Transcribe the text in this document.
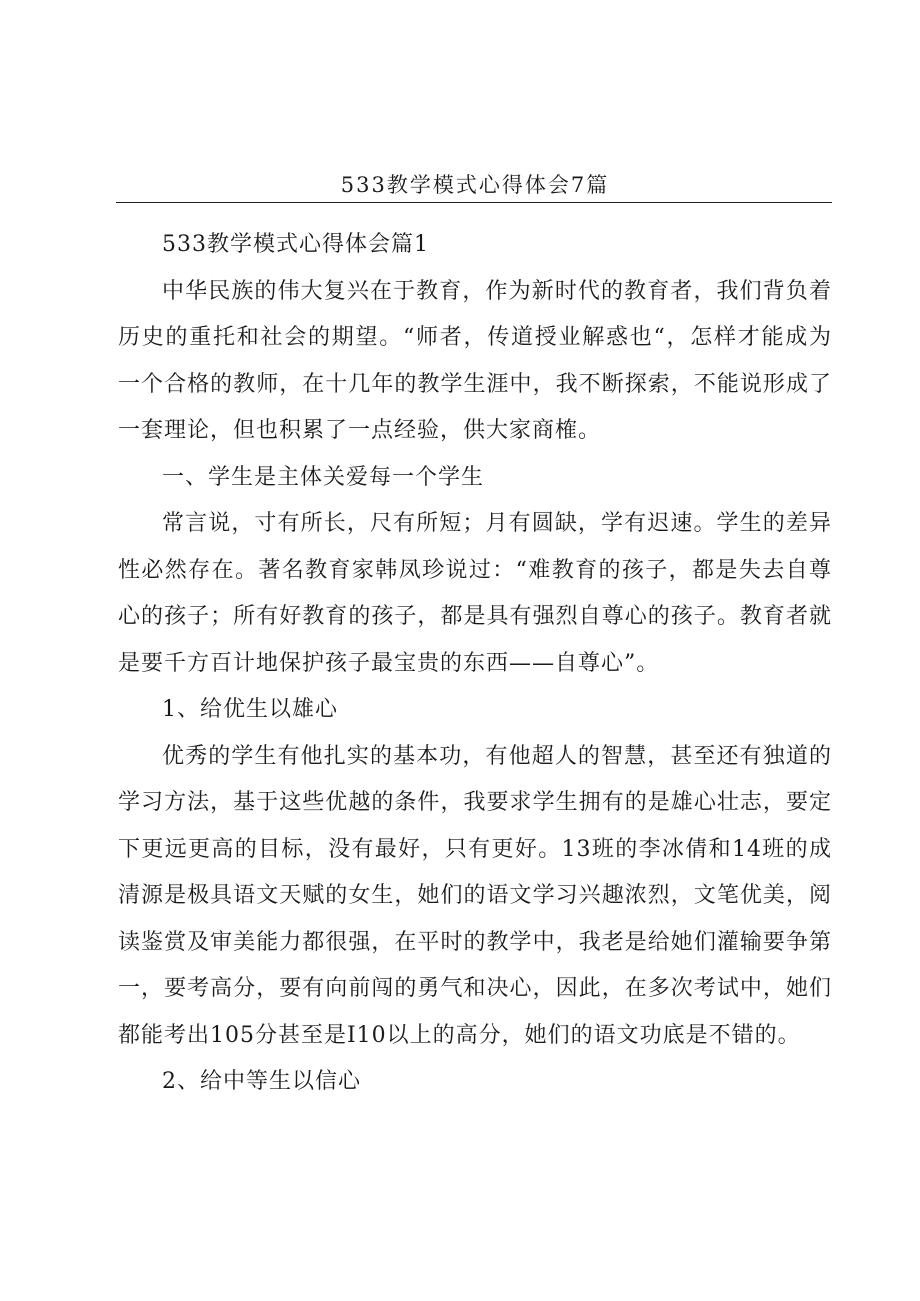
533教学模式心得体会7篇

533教学模式心得体会篇1

中华民族的伟大复兴在于教育，作为新时代的教育者，我们背负着历史的重托和社会的期望。“师者，传道授业解惑也“，怎样才能成为一个合格的教师，在十几年的教学生涯中，我不断探索，不能说形成了一套理论，但也积累了一点经验，供大家商榷。

一、学生是主体关爱每一个学生

常言说，寸有所长，尺有所短；月有圆缺，学有迟速。学生的差异性必然存在。著名教育家韩凤珍说过：“难教育的孩子，都是失去自尊心的孩子；所有好教育的孩子，都是具有强烈自尊心的孩子。教育者就是要千方百计地保护孩子最宝贵的东西——自尊心”。

1、给优生以雄心

优秀的学生有他扎实的基本功，有他超人的智慧，甚至还有独道的学习方法，基于这些优越的条件，我要求学生拥有的是雄心壮志，要定下更远更高的目标，没有最好，只有更好。13班的李冰倩和14班的成清源是极具语文天赋的女生，她们的语文学习兴趣浓烈，文笔优美，阅读鉴赏及审美能力都很强，在平时的教学中，我老是给她们灌输要争第一，要考高分，要有向前闯的勇气和决心，因此，在多次考试中，她们都能考出105分甚至是I10以上的高分，她们的语文功底是不错的。

2、给中等生以信心
